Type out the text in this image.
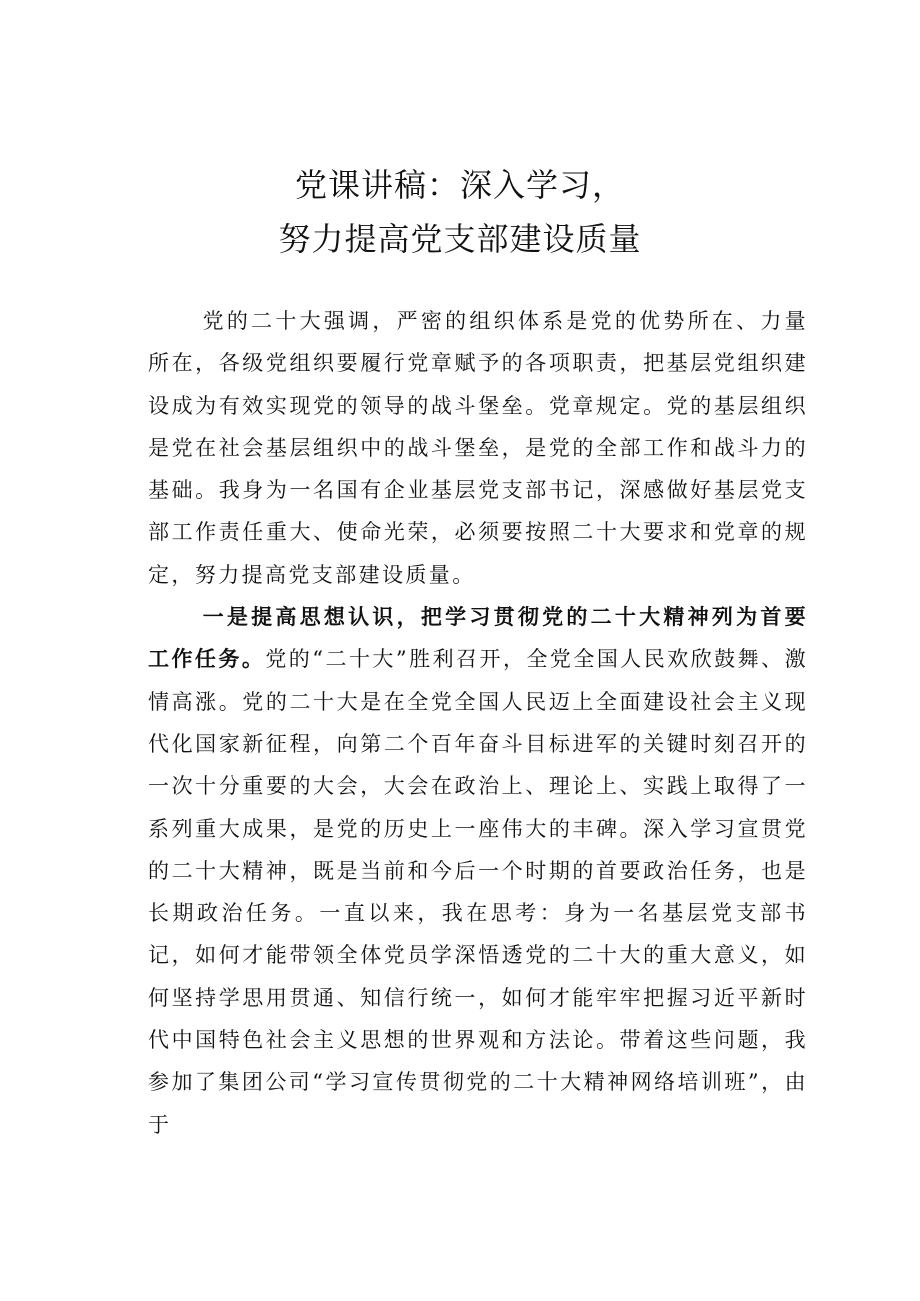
党课讲稿：深入学习，
努力提高党支部建设质量

党的二十大强调，严密的组织体系是党的优势所在、力量所在，各级党组织要履行党章赋予的各项职责，把基层党组织建设成为有效实现党的领导的战斗堡垒。党章规定。党的基层组织是党在社会基层组织中的战斗堡垒，是党的全部工作和战斗力的基础。我身为一名国有企业基层党支部书记，深感做好基层党支部工作责任重大、使命光荣，必须要按照二十大要求和党章的规定，努力提高党支部建设质量。

一是提高思想认识，把学习贯彻党的二十大精神列为首要工作任务。党的“二十大”胜利召开，全党全国人民欢欣鼓舞、激情高涨。党的二十大是在全党全国人民迈上全面建设社会主义现代化国家新征程，向第二个百年奋斗目标进军的关键时刻召开的一次十分重要的大会，大会在政治上、理论上、实践上取得了一系列重大成果，是党的历史上一座伟大的丰碑。深入学习宣贯党的二十大精神，既是当前和今后一个时期的首要政治任务，也是长期政治任务。一直以来，我在思考：身为一名基层党支部书记，如何才能带领全体党员学深悟透党的二十大的重大意义，如何坚持学思用贯通、知信行统一，如何才能牢牢把握习近平新时代中国特色社会主义思想的世界观和方法论。带着这些问题，我参加了集团公司“学习宣传贯彻党的二十大精神网络培训班”，由于
